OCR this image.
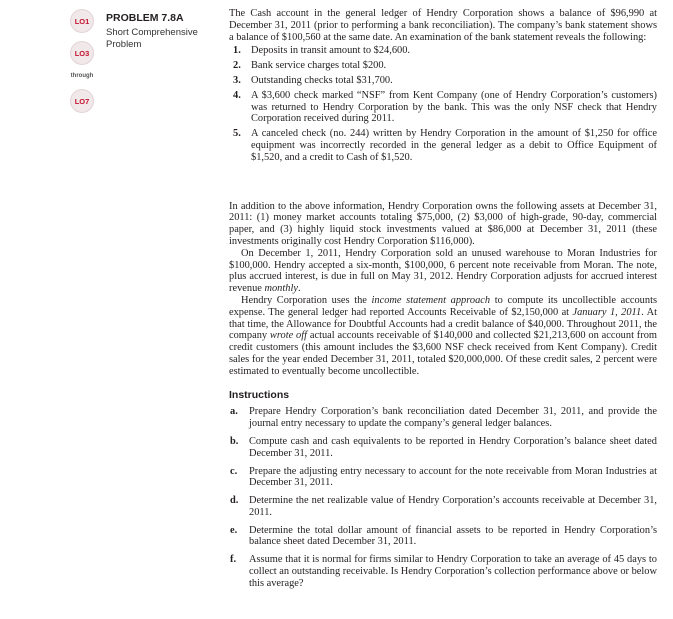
LO1
LO3
through
LO7
PROBLEM 7.8A
Short Comprehensive Problem

The Cash account in the general ledger of Hendry Corporation shows a balance of $96,990 at December 31, 2011 (prior to performing a bank reconciliation). The company’s bank statement shows a balance of $100,560 at the same date. An examination of the bank statement reveals the following:

1. Deposits in transit amount to $24,600.
2. Bank service charges total $200.
3. Outstanding checks total $31,700.
4. A $3,600 check marked “NSF” from Kent Company (one of Hendry Corporation’s customers) was returned to Hendry Corporation by the bank. This was the only NSF check that Hendry Corporation received during 2011.
5. A canceled check (no. 244) written by Hendry Corporation in the amount of $1,250 for office equipment was incorrectly recorded in the general ledger as a debit to Office Equipment of $1,520, and a credit to Cash of $1,520.

In addition to the above information, Hendry Corporation owns the following assets at December 31, 2011: (1) money market accounts totaling $75,000, (2) $3,000 of high-grade, 90-day, commercial paper, and (3) highly liquid stock investments valued at $86,000 at December 31, 2011 (these investments originally cost Hendry Corporation $116,000).

On December 1, 2011, Hendry Corporation sold an unused warehouse to Moran Industries for $100,000. Hendry accepted a six-month, $100,000, 6 percent note receivable from Moran. The note, plus accrued interest, is due in full on May 31, 2012. Hendry Corporation adjusts for accrued interest revenue monthly.

Hendry Corporation uses the income statement approach to compute its uncollectible accounts expense. The general ledger had reported Accounts Receivable of $2,150,000 at January 1, 2011. At that time, the Allowance for Doubtful Accounts had a credit balance of $40,000. Throughout 2011, the company wrote off actual accounts receivable of $140,000 and collected $21,213,600 on account from credit customers (this amount includes the $3,600 NSF check received from Kent Company). Credit sales for the year ended December 31, 2011, totaled $20,000,000. Of these credit sales, 2 percent were estimated to eventually become uncollectible.

Instructions
a. Prepare Hendry Corporation’s bank reconciliation dated December 31, 2011, and provide the journal entry necessary to update the company’s general ledger balances.
b. Compute cash and cash equivalents to be reported in Hendry Corporation’s balance sheet dated December 31, 2011.
c. Prepare the adjusting entry necessary to account for the note receivable from Moran Industries at December 31, 2011.
d. Determine the net realizable value of Hendry Corporation’s accounts receivable at December 31, 2011.
e. Determine the total dollar amount of financial assets to be reported in Hendry Corporation’s balance sheet dated December 31, 2011.
f. Assume that it is normal for firms similar to Hendry Corporation to take an average of 45 days to collect an outstanding receivable. Is Hendry Corporation’s collection performance above or below this average?
